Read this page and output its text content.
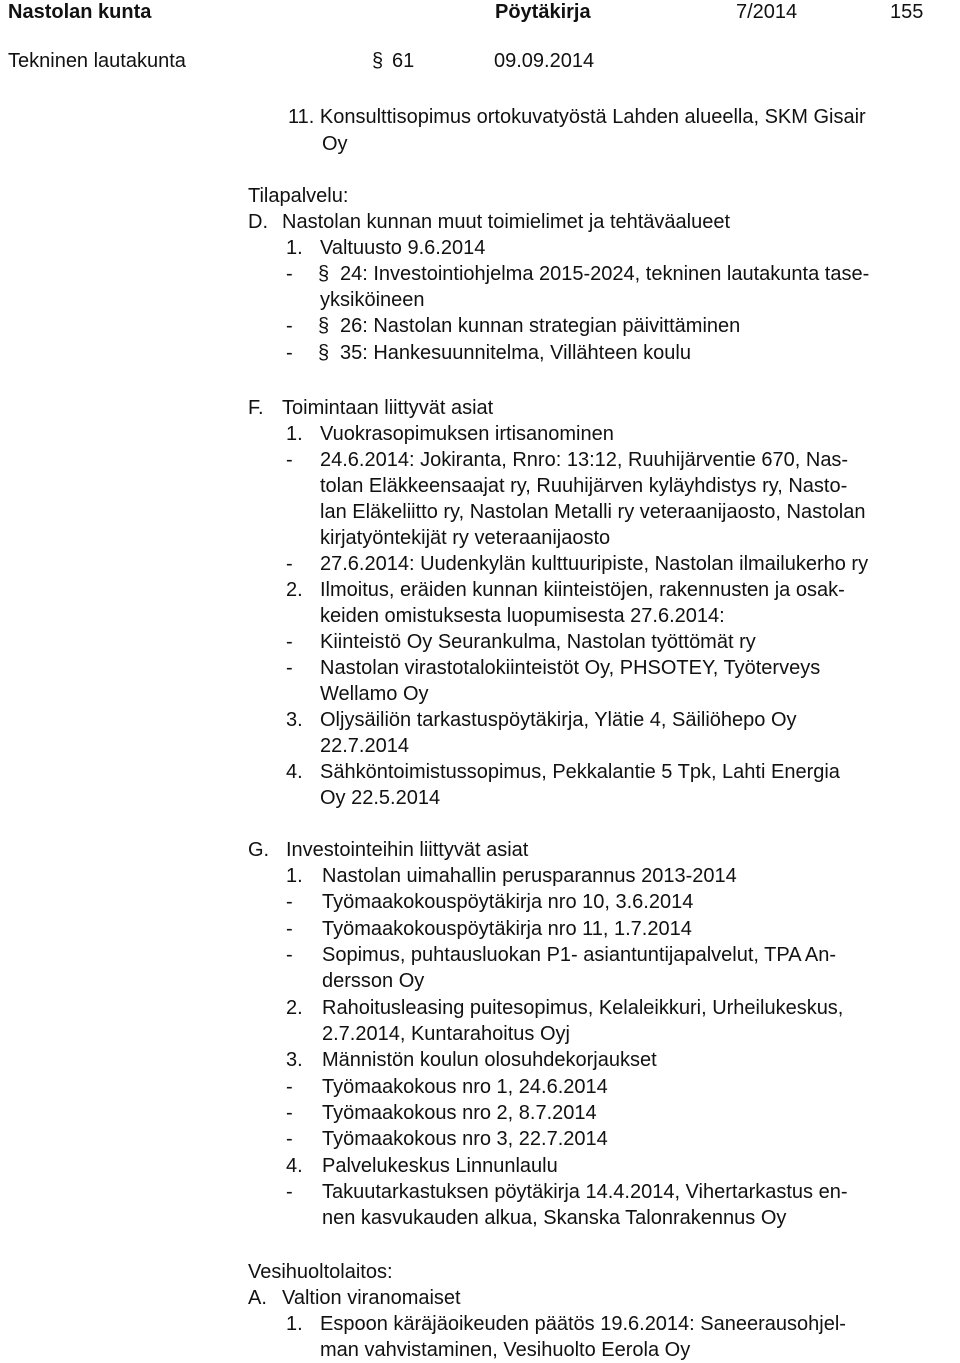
Nastolan kunta	Pöytäkirja	7/2014	155
Tekninen lautakunta	§ 61	09.09.2014
11. Konsulttisopimus ortokuvatyöstä Lahden alueella, SKM Gisair
Oy
Tilapalvelu:
D. Nastolan kunnan muut toimielimet ja tehtäväalueet
1. Valtuusto 9.6.2014
- § 24: Investointiohjelma 2015-2024, tekninen lautakunta tase-
yksiköineen
- § 26: Nastolan kunnan strategian päivittäminen
- § 35: Hankesuunnitelma, Villähteen koulu
F. Toimintaan liittyvät asiat
1. Vuokrasopimuksen irtisanominen
- 24.6.2014: Jokiranta, Rnro: 13:12, Ruuhijärventie 670, Nas-
tolan Eläkkeensaajat ry, Ruuhijärven kyläyhdistys ry, Nasto-
lan Eläkeliitto ry, Nastolan Metalli ry veteraanijaosto, Nastolan
kirjatyöntekijät ry veteraanijaosto
- 27.6.2014: Uudenkylän kulttuuripiste, Nastolan ilmailukerho ry
2. Ilmoitus, eräiden kunnan kiinteistöjen, rakennusten ja osak-
keiden omistuksesta luopumisesta 27.6.2014:
- Kiinteistö Oy Seurankulma, Nastolan työttömät ry
- Nastolan virastotalokiinteistöt Oy, PHSOTEY, Työterveys
Wellamo Oy
3. Oljysäiliön tarkastuspöytäkirja, Ylätie 4, Säiliöhepo Oy
22.7.2014
4. Sähköntoimistussopimus, Pekkalantie 5 Tpk, Lahti Energia
Oy 22.5.2014
G. Investointeihin liittyvät asiat
1. Nastolan uimahallin perusparannus 2013-2014
- Työmaakokouspöytäkirja nro 10, 3.6.2014
- Työmaakokouspöytäkirja nro 11, 1.7.2014
- Sopimus, puhtausluokan P1- asiantuntijapalvelut, TPA An-
dersson Oy
2. Rahoitusleasing puitesopimus, Kelaleikkuri, Urheilukeskus,
2.7.2014, Kuntarahoitus Oyj
3. Männistön koulun olosuhdekorjaukset
- Työmaakokous nro 1, 24.6.2014
- Työmaakokous nro 2, 8.7.2014
- Työmaakokous nro 3, 22.7.2014
4. Palvelukeskus Linnunlaulu
- Takuutarkastuksen pöytäkirja 14.4.2014, Vihertarkastus en-
nen kasvukauden alkua, Skanska Talonrakennus Oy
Vesihuoltolaitos:
A. Valtion viranomaiset
1. Espoon käräjäoikeuden päätös 19.6.2014: Saneerausohjel-
man vahvistaminen, Vesihuolto Eerola Oy
